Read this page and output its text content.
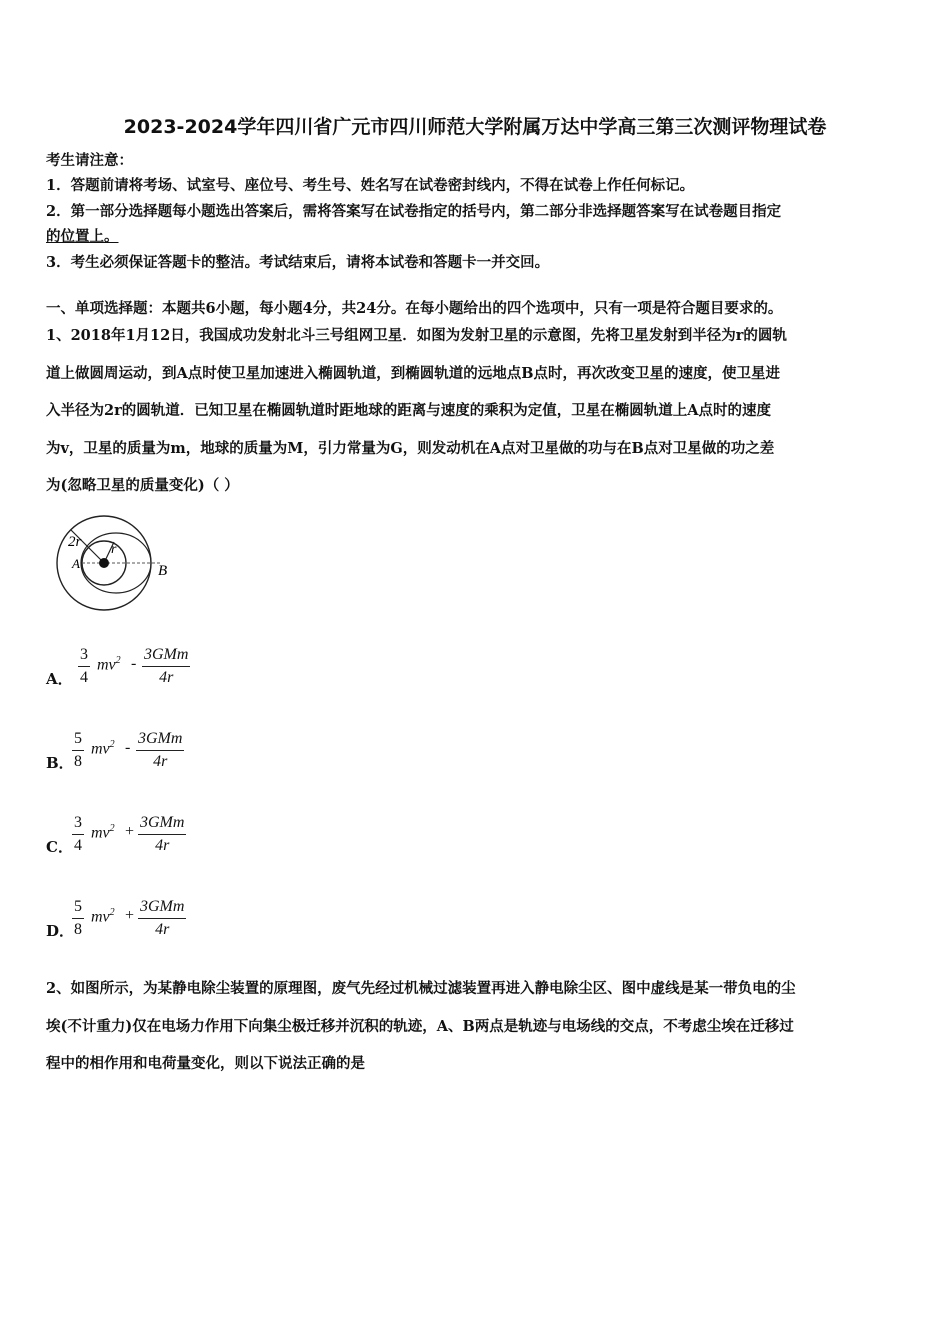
2023-2024学年四川省广元市四川师范大学附属万达中学高三第三次测评物理试卷
考生请注意：
1．答题前请将考场、试室号、座位号、考生号、姓名写在试卷密封线内，不得在试卷上作任何标记。
2．第一部分选择题每小题选出答案后，需将答案写在试卷指定的括号内，第二部分非选择题答案写在试卷题目指定
的位置上。
3．考生必须保证答题卡的整洁。考试结束后，请将本试卷和答题卡一并交回。
一、单项选择题：本题共6小题，每小题4分，共24分。在每小题给出的四个选项中，只有一项是符合题目要求的。
1、2018年1月12日，我国成功发射北斗三号组网卫星．如图为发射卫星的示意图，先将卫星发射到半径为r的圆轨
道上做圆周运动，到A点时使卫星加速进入椭圆轨道，到椭圆轨道的远地点B点时，再次改变卫星的速度，使卫星进
入半径为2r的圆轨道．已知卫星在椭圆轨道时距地球的距离与速度的乘积为定值，卫星在椭圆轨道上A点时的速度
为v，卫星的质量为m，地球的质量为M，引力常量为G，则发动机在A点对卫星做的功与在B点对卫星做的功之差
为(忽略卫星的质量变化)（ ）
2r r
A	B
A． $\frac{3}{4} mv^2$ -
3GMm
4r
B．
$\frac{5}{8} mv^2$ -
3GMm
4r
C． $\frac{3}{4} mv^2$ +
3GMm
4r
D．
$\frac{5}{8} mv^2$ +
3GMm
4r
2、如图所示，为某静电除尘装置的原理图，废气先经过机械过滤装置再进入静电除尘区、图中虚线是某一带负电的尘
埃(不计重力)仅在电场力作用下向集尘极迁移并沉积的轨迹，A、B两点是轨迹与电场线的交点，不考虑尘埃在迁移过
程中的相作用和电荷量变化，则以下说法正确的是
